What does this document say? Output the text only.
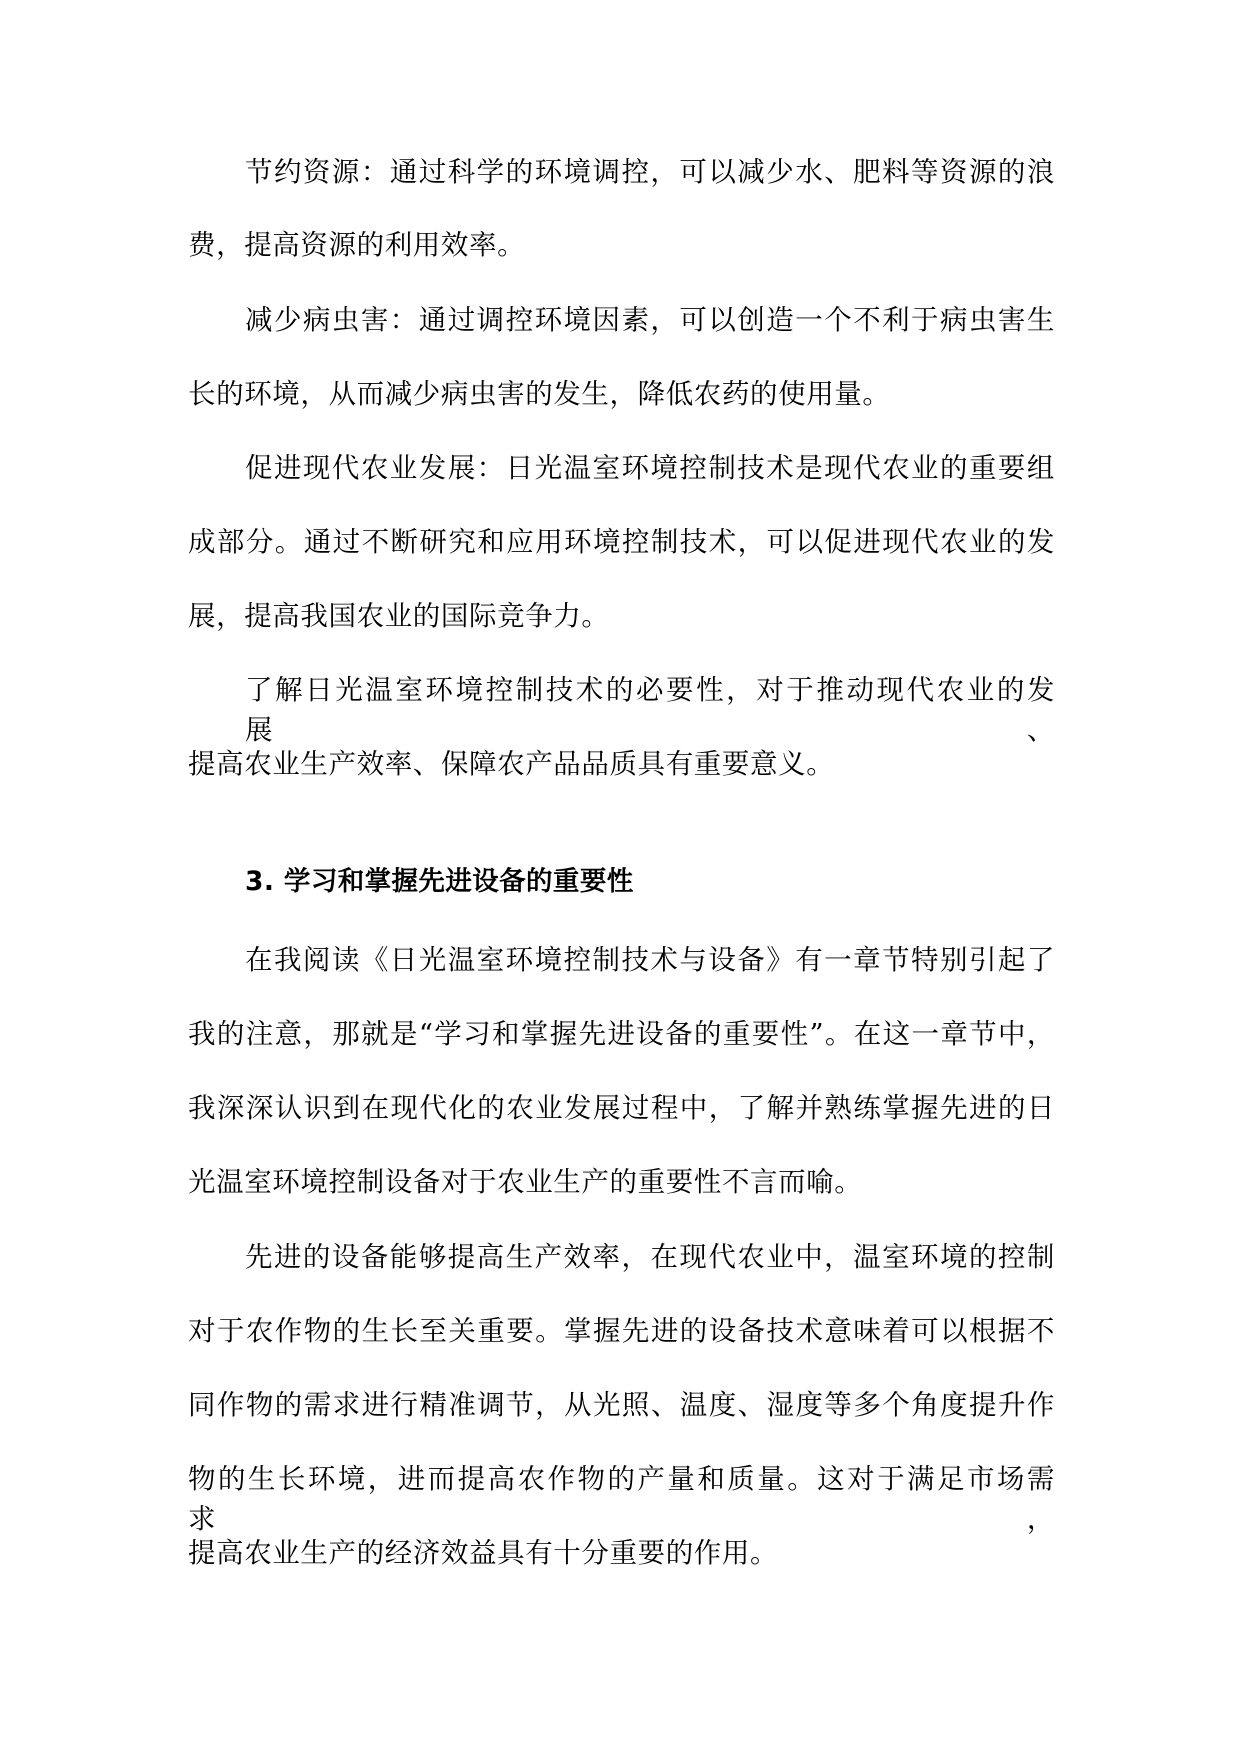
节约资源：通过科学的环境调控，可以减少水、肥料等资源的浪
费，提高资源的利用效率。
减少病虫害：通过调控环境因素，可以创造一个不利于病虫害生
长的环境，从而减少病虫害的发生，降低农药的使用量。
促进现代农业发展：日光温室环境控制技术是现代农业的重要组
成部分。通过不断研究和应用环境控制技术，可以促进现代农业的发
展，提高我国农业的国际竞争力。
了解日光温室环境控制技术的必要性，对于推动现代农业的发展、
提高农业生产效率、保障农产品品质具有重要意义。
3. 学习和掌握先进设备的重要性
在我阅读《日光温室环境控制技术与设备》有一章节特别引起了
我的注意，那就是“学习和掌握先进设备的重要性”。在这一章节中，
我深深认识到在现代化的农业发展过程中，了解并熟练掌握先进的日
光温室环境控制设备对于农业生产的重要性不言而喻。
先进的设备能够提高生产效率，在现代农业中，温室环境的控制
对于农作物的生长至关重要。掌握先进的设备技术意味着可以根据不
同作物的需求进行精准调节，从光照、温度、湿度等多个角度提升作
物的生长环境，进而提高农作物的产量和质量。这对于满足市场需求，
提高农业生产的经济效益具有十分重要的作用。
